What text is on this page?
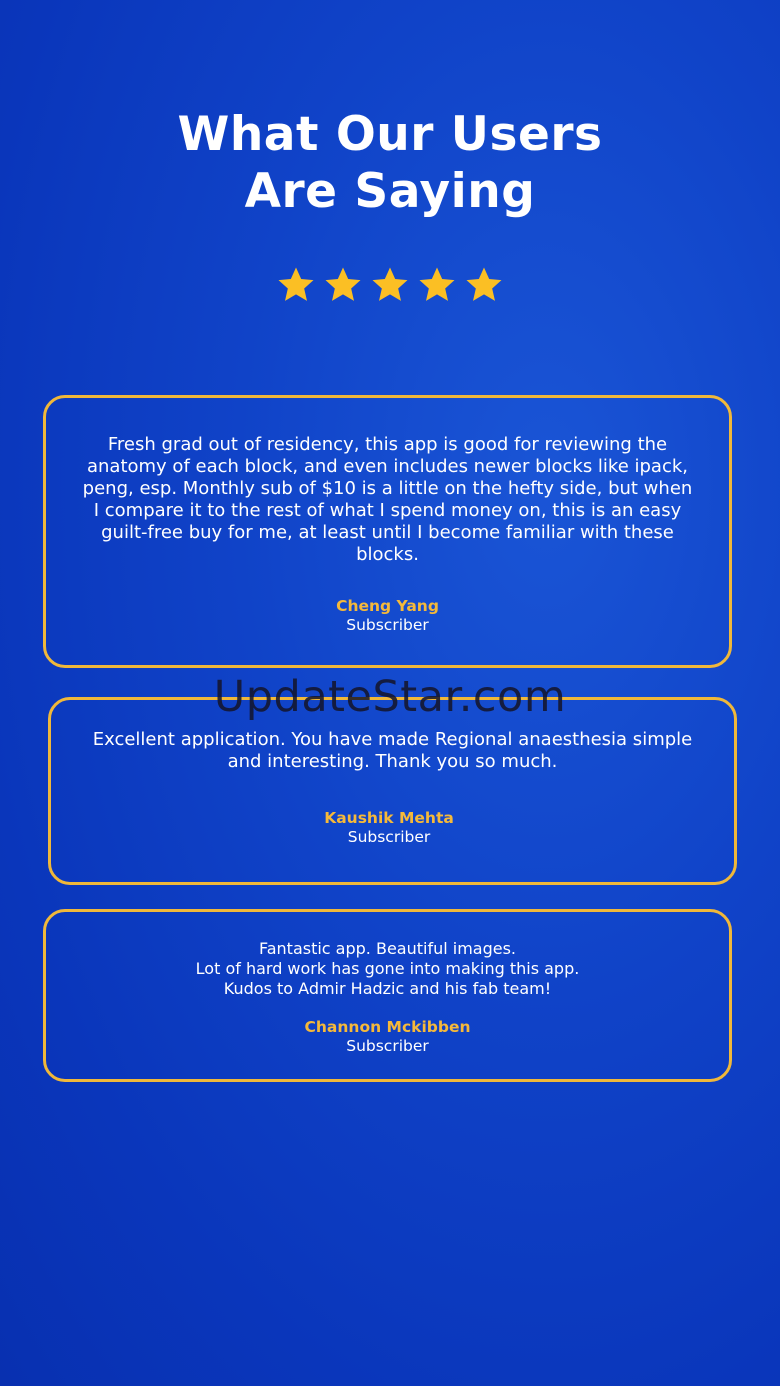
What Our Users
Are Saying
Fresh grad out of residency, this app is good for reviewing the
anatomy of each block, and even includes newer blocks like ipack,
peng, esp. Monthly sub of $10 is a little on the hefty side, but when
I compare it to the rest of what I spend money on, this is an easy
guilt-free buy for me, at least until I become familiar with these
blocks.
Cheng Yang
Subscriber
Excellent application. You have made Regional anaesthesia simple
and interesting. Thank you so much.
Kaushik Mehta
Subscriber
Fantastic app. Beautiful images.
Lot of hard work has gone into making this app.
Kudos to Admir Hadzic and his fab team!
Channon Mckibben
Subscriber
UpdateStar.com
